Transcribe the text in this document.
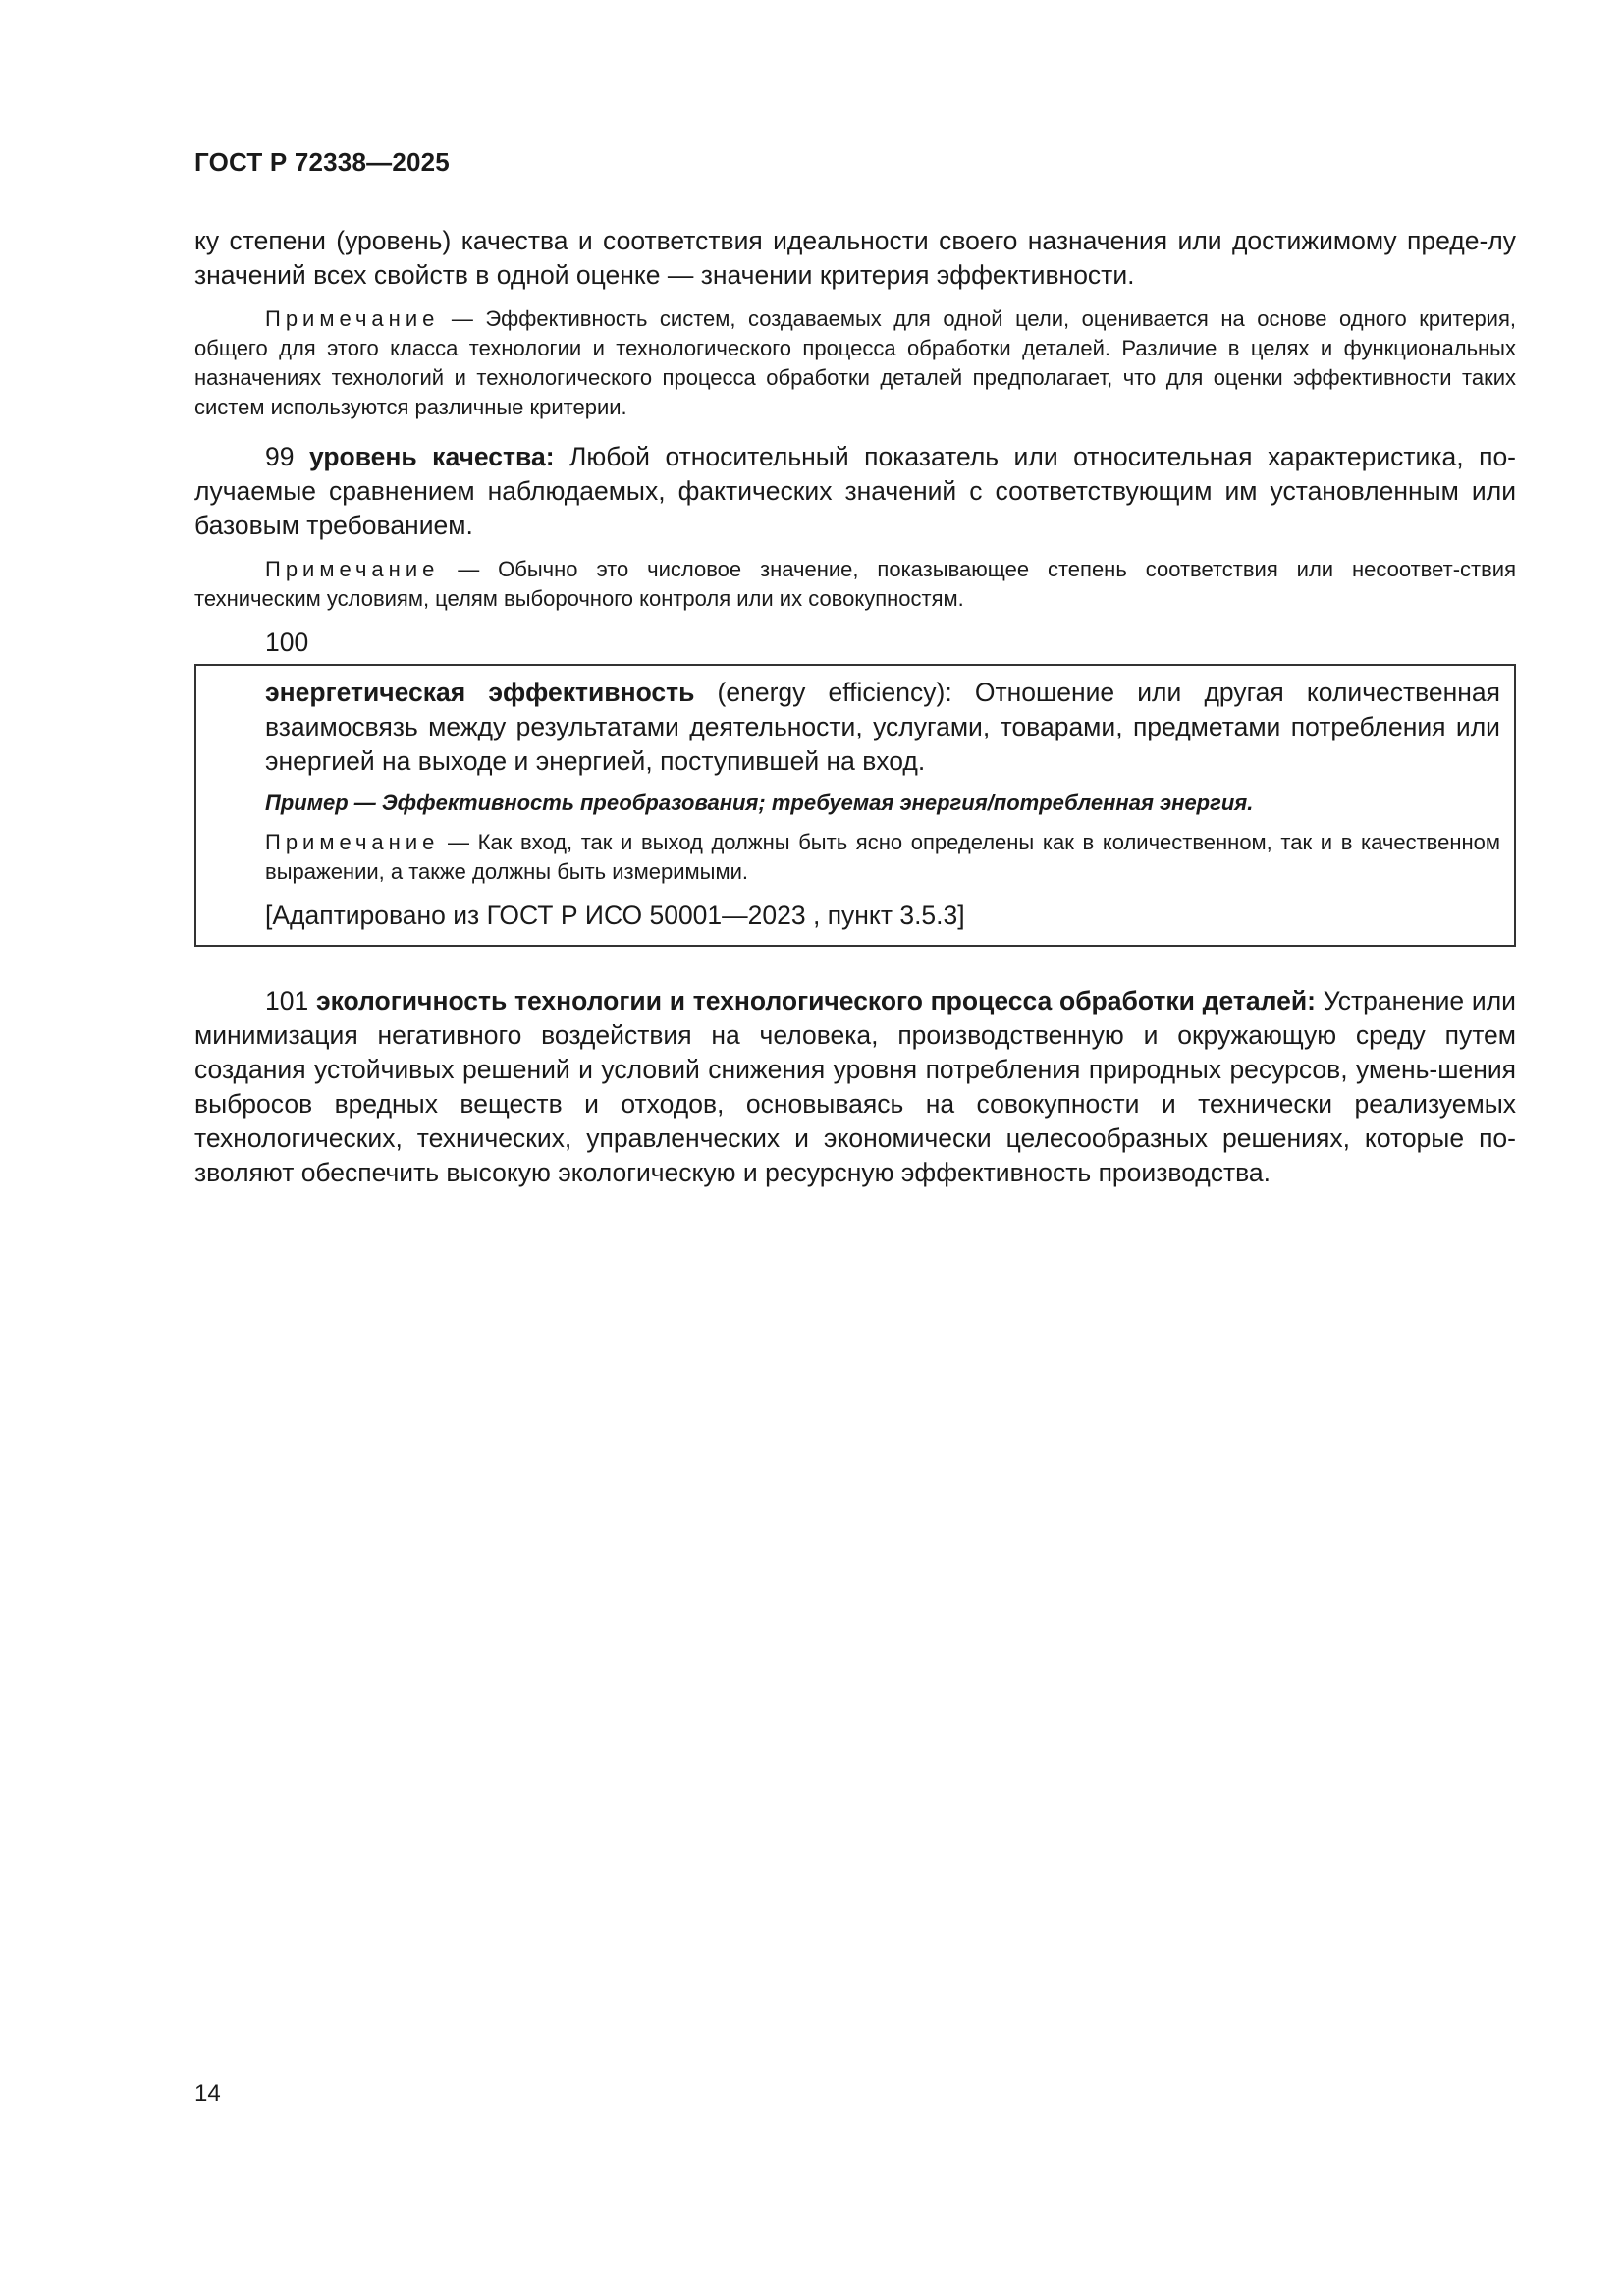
ГОСТ Р 72338—2025

ку степени (уровень) качества и соответствия идеальности своего назначения или достижимому преде-лу значений всех свойств в одной оценке — значении критерия эффективности.

Примечание — Эффективность систем, создаваемых для одной цели, оценивается на основе одного критерия, общего для этого класса технологии и технологического процесса обработки деталей. Различие в целях и функциональных назначениях технологий и технологического процесса обработки деталей предполагает, что для оценки эффективности таких систем используются различные критерии.

99 уровень качества: Любой относительный показатель или относительная характеристика, по-лучаемые сравнением наблюдаемых, фактических значений с соответствующим им установленным или базовым требованием.

Примечание — Обычно это числовое значение, показывающее степень соответствия или несоответ-ствия техническим условиям, целям выборочного контроля или их совокупностям.

100

энергетическая эффективность (energy efficiency): Отношение или другая количественная взаимосвязь между результатами деятельности, услугами, товарами, предметами потребления или энергией на выходе и энергией, поступившей на вход.

Пример — Эффективность преобразования; требуемая энергия/потребленная энергия.

Примечание — Как вход, так и выход должны быть ясно определены как в количественном, так и в качественном выражении, а также должны быть измеримыми.

[Адаптировано из ГОСТ Р ИСО 50001—2023 , пункт 3.5.3]

101 экологичность технологии и технологического процесса обработки деталей: Устранение или минимизация негативного воздействия на человека, производственную и окружающую среду путем создания устойчивых решений и условий снижения уровня потребления природных ресурсов, умень-шения выбросов вредных веществ и отходов, основываясь на совокупности и технически реализуемых технологических, технических, управленческих и экономически целесообразных решениях, которые по-зволяют обеспечить высокую экологическую и ресурсную эффективность производства.

14
